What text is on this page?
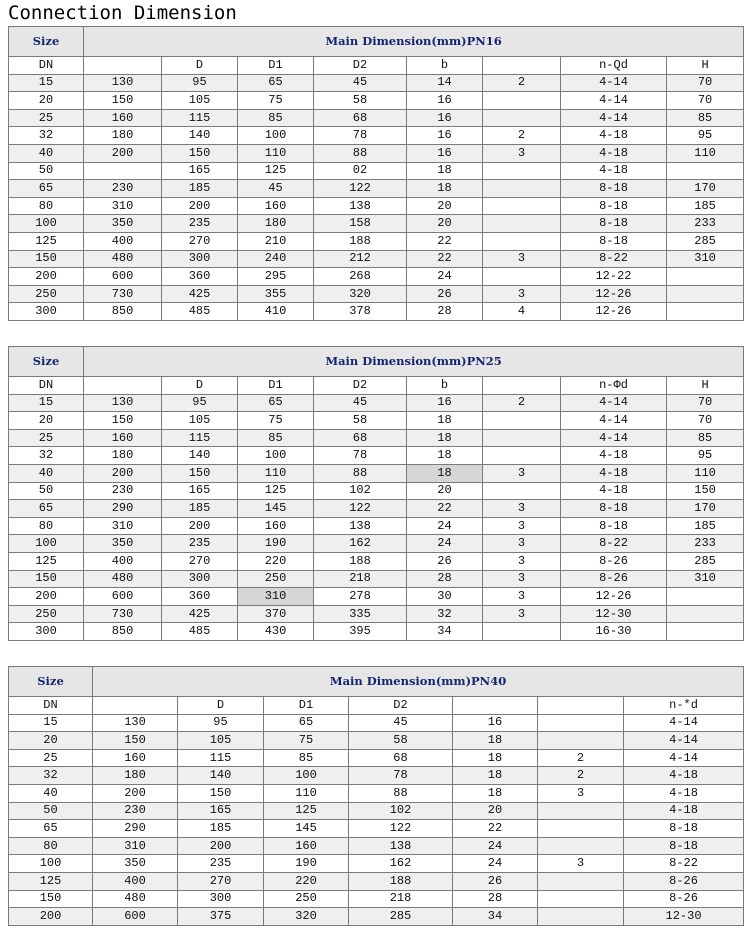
Connection Dimension
Size	Main Dimension(mm)PN16							
DN		D	D1	D2	b		n-Qd	H
15	130	95	65	45	14	2	4-14	70
20	150	105	75	58	16		4-14	70
25	160	115	85	68	16		4-14	85
32	180	140	100	78	16	2	4-18	95
40	200	150	110	88	16	3	4-18	110
50		165	125	02	18		4-18	
65	230	185	45	122	18		8-18	170
80	310	200	160	138	20		8-18	185
100	350	235	180	158	20		8-18	233
125	400	270	210	188	22		8-18	285
150	480	300	240	212	22	3	8-22	310
200	600	360	295	268	24		12-22	
250	730	425	355	320	26	3	12-26	
300	850	485	410	378	28	4	12-26	
Size	Main Dimension(mm)PN25							
DN		D	D1	D2	b		n-Φd	H
15	130	95	65	45	16	2	4-14	70
20	150	105	75	58	18		4-14	70
25	160	115	85	68	18		4-14	85
32	180	140	100	78	18		4-18	95
40	200	150	110	88	18	3	4-18	110
50	230	165	125	102	20		4-18	150
65	290	185	145	122	22	3	8-18	170
80	310	200	160	138	24	3	8-18	185
100	350	235	190	162	24	3	8-22	233
125	400	270	220	188	26	3	8-26	285
150	480	300	250	218	28	3	8-26	310
200	600	360	310	278	30	3	12-26	
250	730	425	370	335	32	3	12-30	
300	850	485	430	395	34		16-30	
Size	Main Dimension(mm)PN40						
DN		D	D1	D2			n-*d
15	130	95	65	45	16		4-14
20	150	105	75	58	18		4-14
25	160	115	85	68	18	2	4-14
32	180	140	100	78	18	2	4-18
40	200	150	110	88	18	3	4-18
50	230	165	125	102	20		4-18
65	290	185	145	122	22		8-18
80	310	200	160	138	24		8-18
100	350	235	190	162	24	3	8-22
125	400	270	220	188	26		8-26
150	480	300	250	218	28		8-26
200	600	375	320	285	34		12-30
